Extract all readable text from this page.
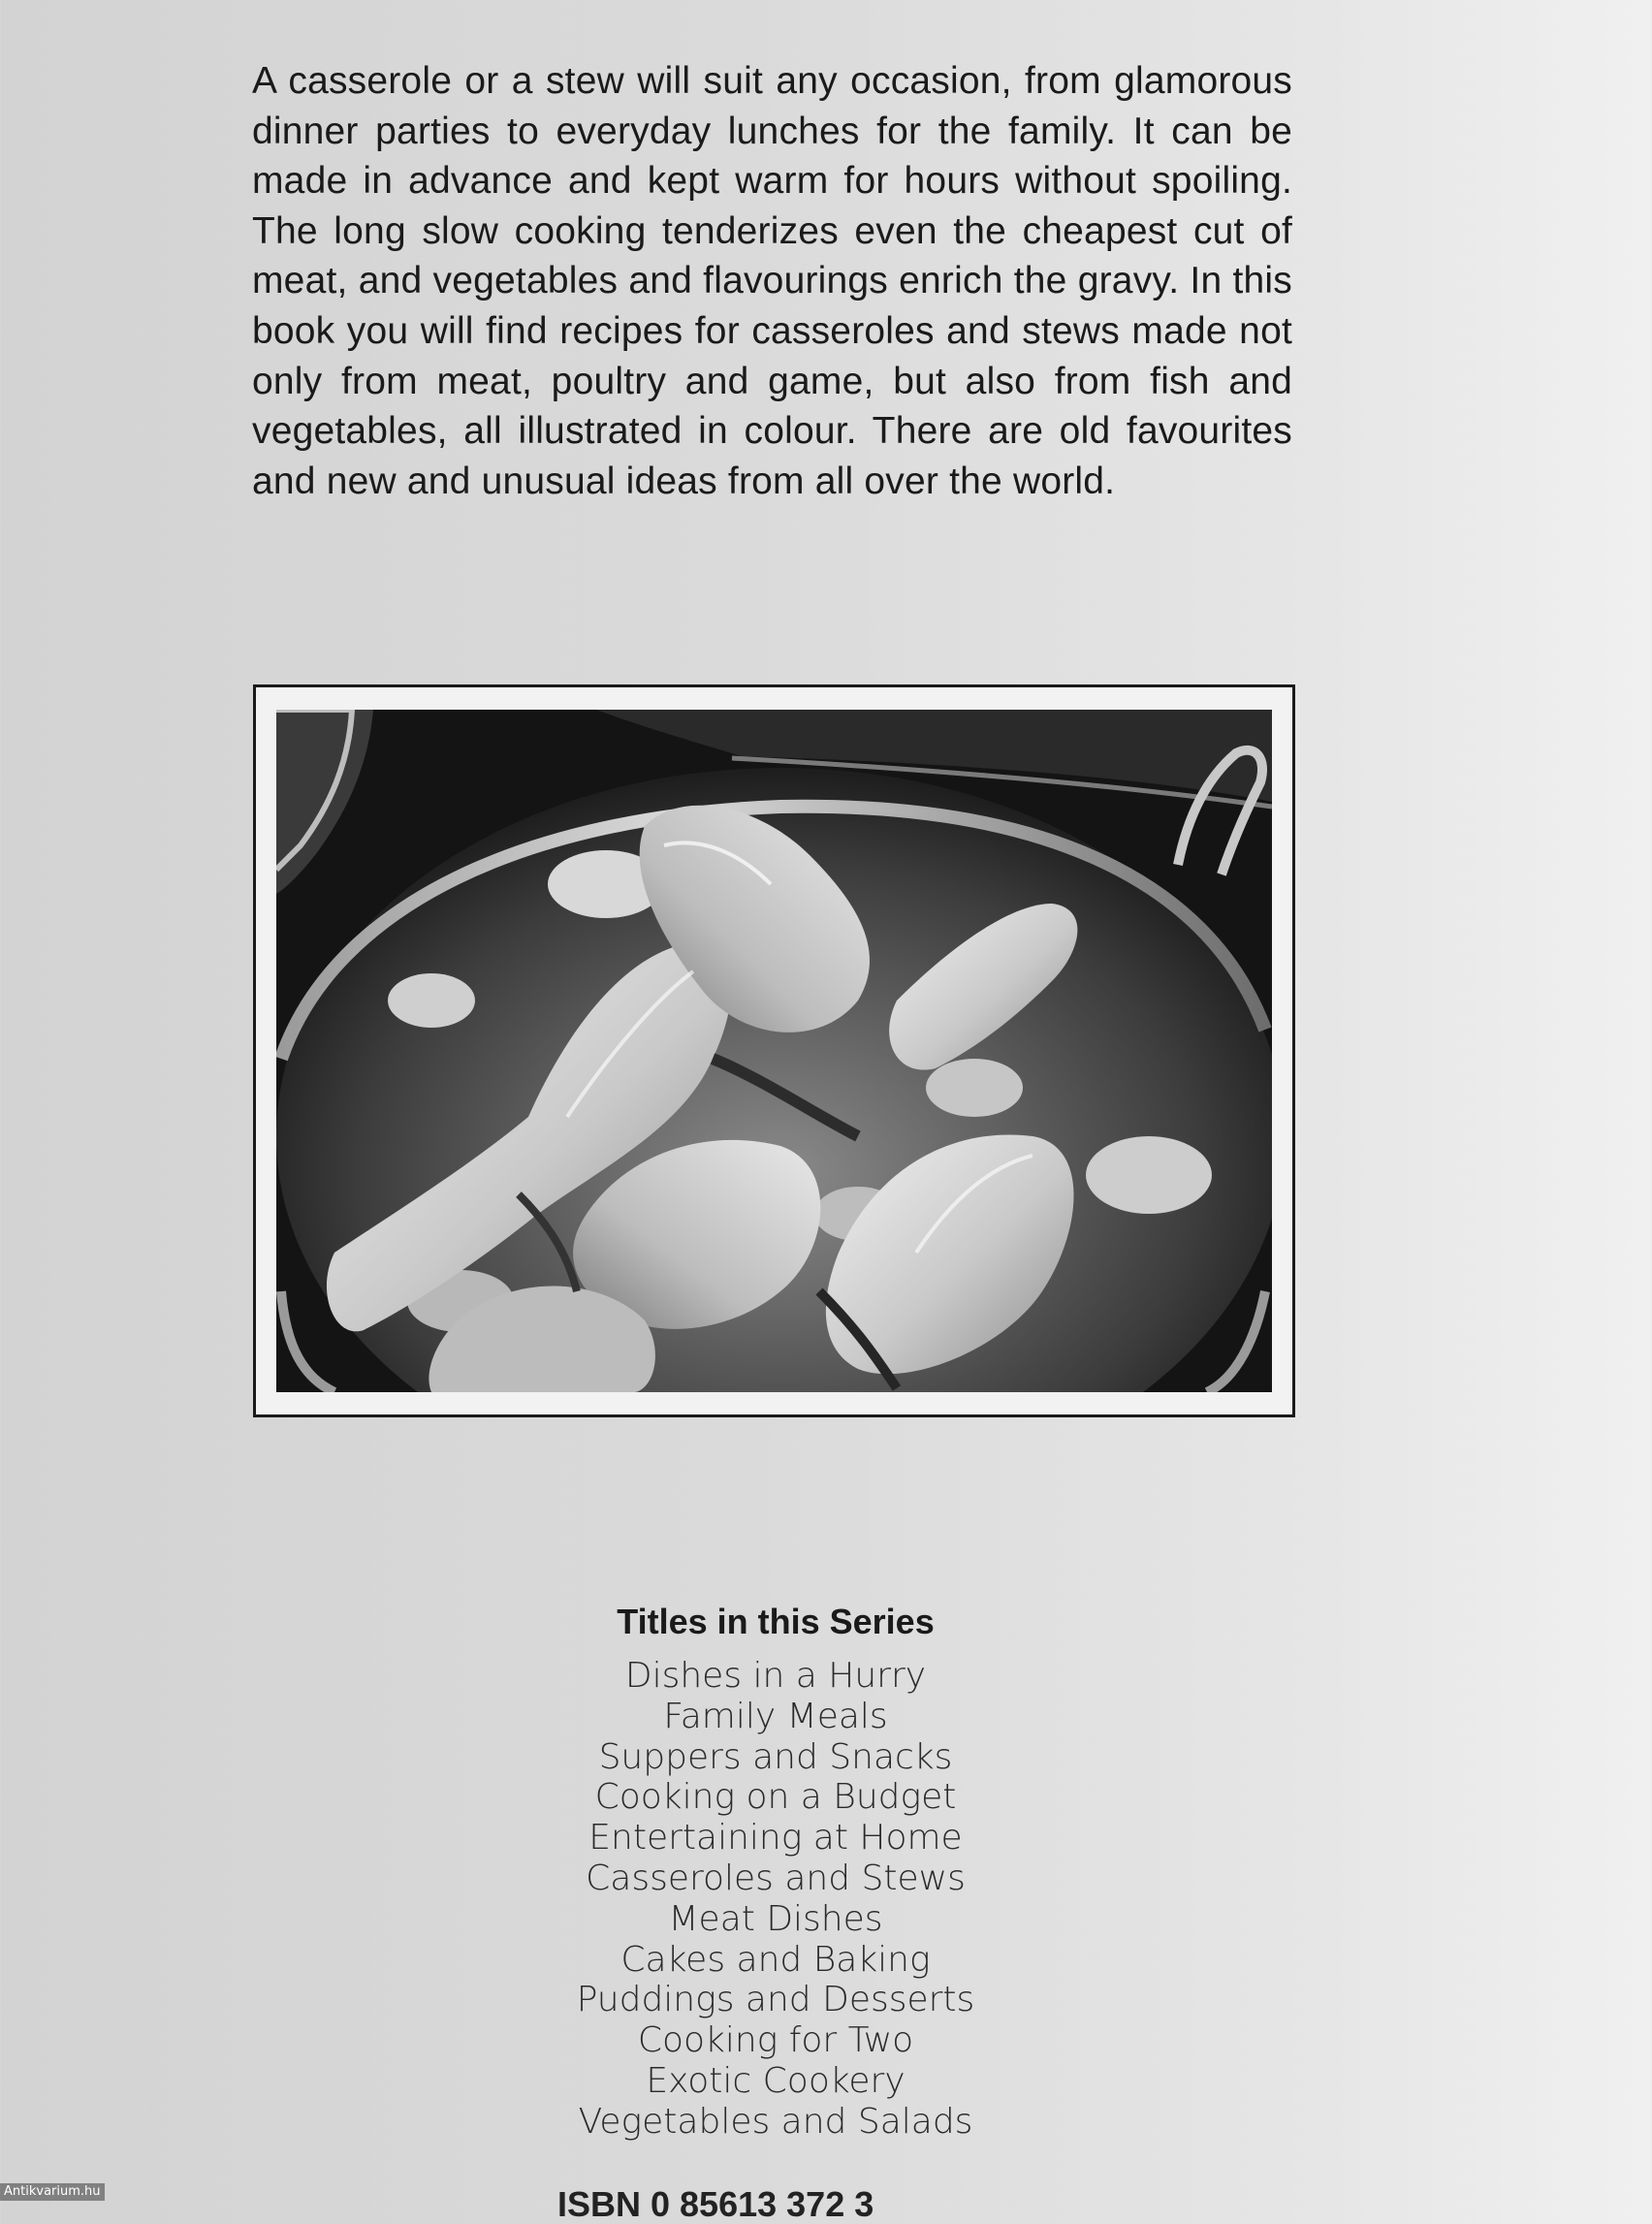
A casserole or a stew will suit any occasion, from glamorous dinner parties to everyday lunches for the family. It can be made in advance and kept warm for hours without spoiling. The long slow cooking tenderizes even the cheapest cut of meat, and vegetables and flavourings enrich the gravy. In this book you will find recipes for casseroles and stews made not only from meat, poultry and game, but also from fish and vegetables, all illustrated in colour. There are old favourites and new and unusual ideas from all over the world.

Titles in this Series
Dishes in a Hurry
Family Meals
Suppers and Snacks
Cooking on a Budget
Entertaining at Home
Casseroles and Stews
Meat Dishes
Cakes and Baking
Puddings and Desserts
Cooking for Two
Exotic Cookery
Vegetables and Salads
ISBN 0 85613 372 3
Antikvarium.hu
